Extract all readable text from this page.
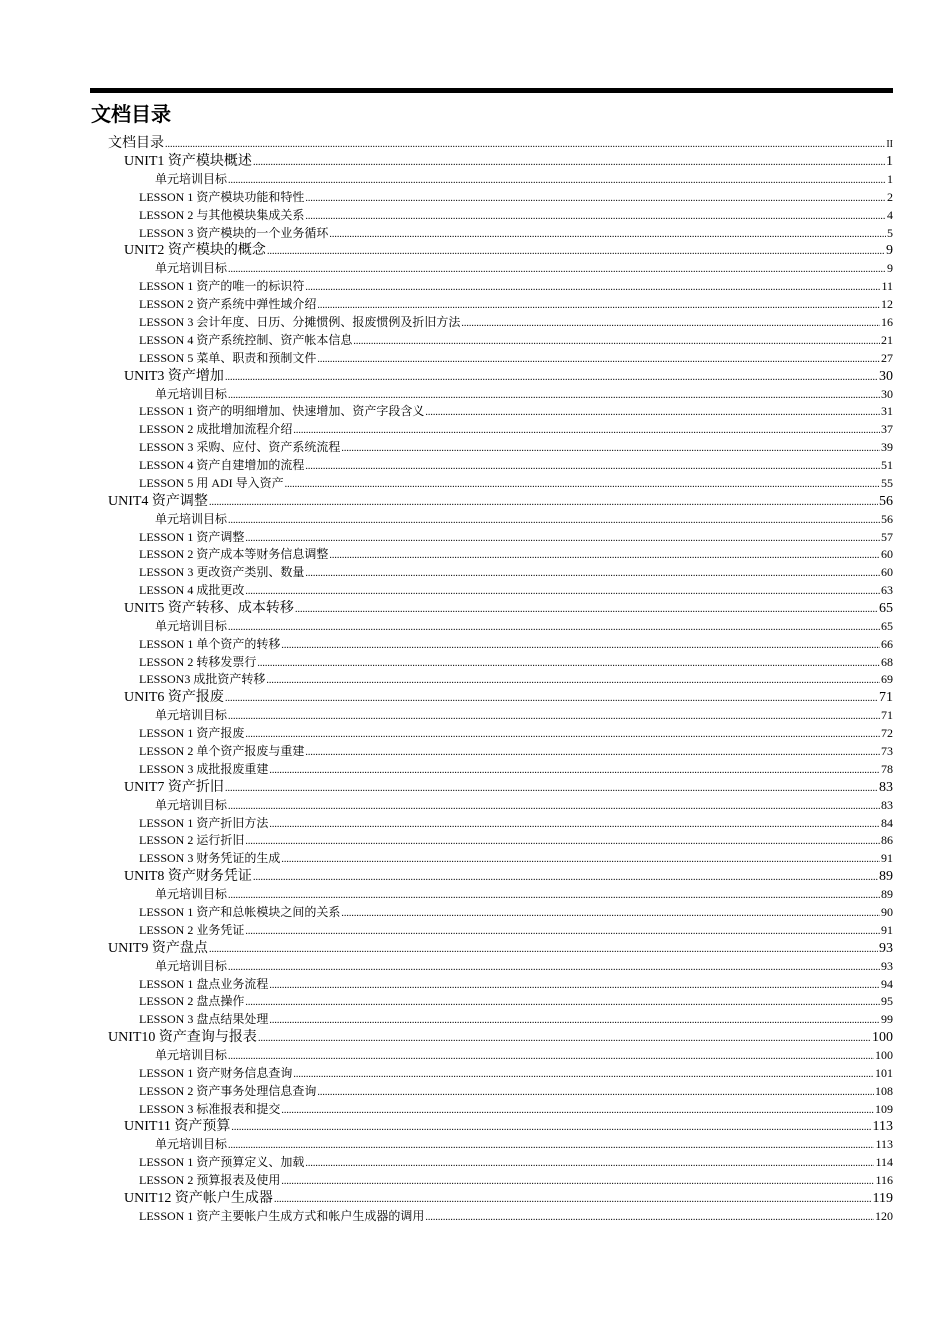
文档目录
文档目录 .....	II
UNIT1 资产模块概述 .....	1
单元培训目标 .....	1
LESSON 1 资产模块功能和特性 .....	2
LESSON 2 与其他模块集成关系 .....	4
LESSON 3 资产模块的一个业务循环 .....	5
UNIT2 资产模块的概念 .....	9
单元培训目标 .....	9
LESSON 1 资产的唯一的标识符 .....	11
LESSON 2 资产系统中弹性域介绍 .....	12
LESSON 3 会计年度、日历、分摊惯例、报废惯例及折旧方法 .....	16
LESSON 4 资产系统控制、资产帐本信息 .....	21
LESSON 5 菜单、职责和预制文件 .....	27
UNIT3 资产增加 .....	30
单元培训目标 .....	30
LESSON 1 资产的明细增加、快速增加、资产字段含义 .....	31
LESSON 2 成批增加流程介绍 .....	37
LESSON 3 采购、应付、资产系统流程 .....	39
LESSON 4 资产自建增加的流程 .....	51
LESSON 5 用 ADI 导入资产 .....	55
UNIT4 资产调整 .....	56
单元培训目标 .....	56
LESSON 1 资产调整 .....	57
LESSON 2 资产成本等财务信息调整 .....	60
LESSON 3 更改资产类别、数量 .....	60
LESSON 4 成批更改 .....	63
UNIT5 资产转移、成本转移 .....	65
单元培训目标 .....	65
LESSON 1 单个资产的转移 .....	66
LESSON 2 转移发票行 .....	68
LESSON3 成批资产转移 .....	69
UNIT6 资产报废 .....	71
单元培训目标 .....	71
LESSON 1 资产报废 .....	72
LESSON 2 单个资产报废与重建 .....	73
LESSON 3 成批报废重建 .....	78
UNIT7 资产折旧 .....	83
单元培训目标 .....	83
LESSON 1 资产折旧方法 .....	84
LESSON 2 运行折旧 .....	86
LESSON 3 财务凭证的生成 .....	91
UNIT8 资产财务凭证 .....	89
单元培训目标 .....	89
LESSON 1 资产和总帐模块之间的关系 .....	90
LESSON 2 业务凭证 .....	91
UNIT9 资产盘点 .....	93
单元培训目标 .....	93
LESSON 1 盘点业务流程 .....	94
LESSON 2 盘点操作 .....	95
LESSON 3 盘点结果处理 .....	99
UNIT10 资产查询与报表 .....	100
单元培训目标 .....	100
LESSON 1 资产财务信息查询 .....	101
LESSON 2 资产事务处理信息查询 .....	108
LESSON 3 标准报表和提交 .....	109
UNIT11 资产预算 .....	113
单元培训目标 .....	113
LESSON 1 资产预算定义、加载 .....	114
LESSON 2 预算报表及使用 .....	116
UNIT12 资产帐户生成器 .....	119
LESSON 1 资产主要帐户生成方式和帐户生成器的调用 .....	120
